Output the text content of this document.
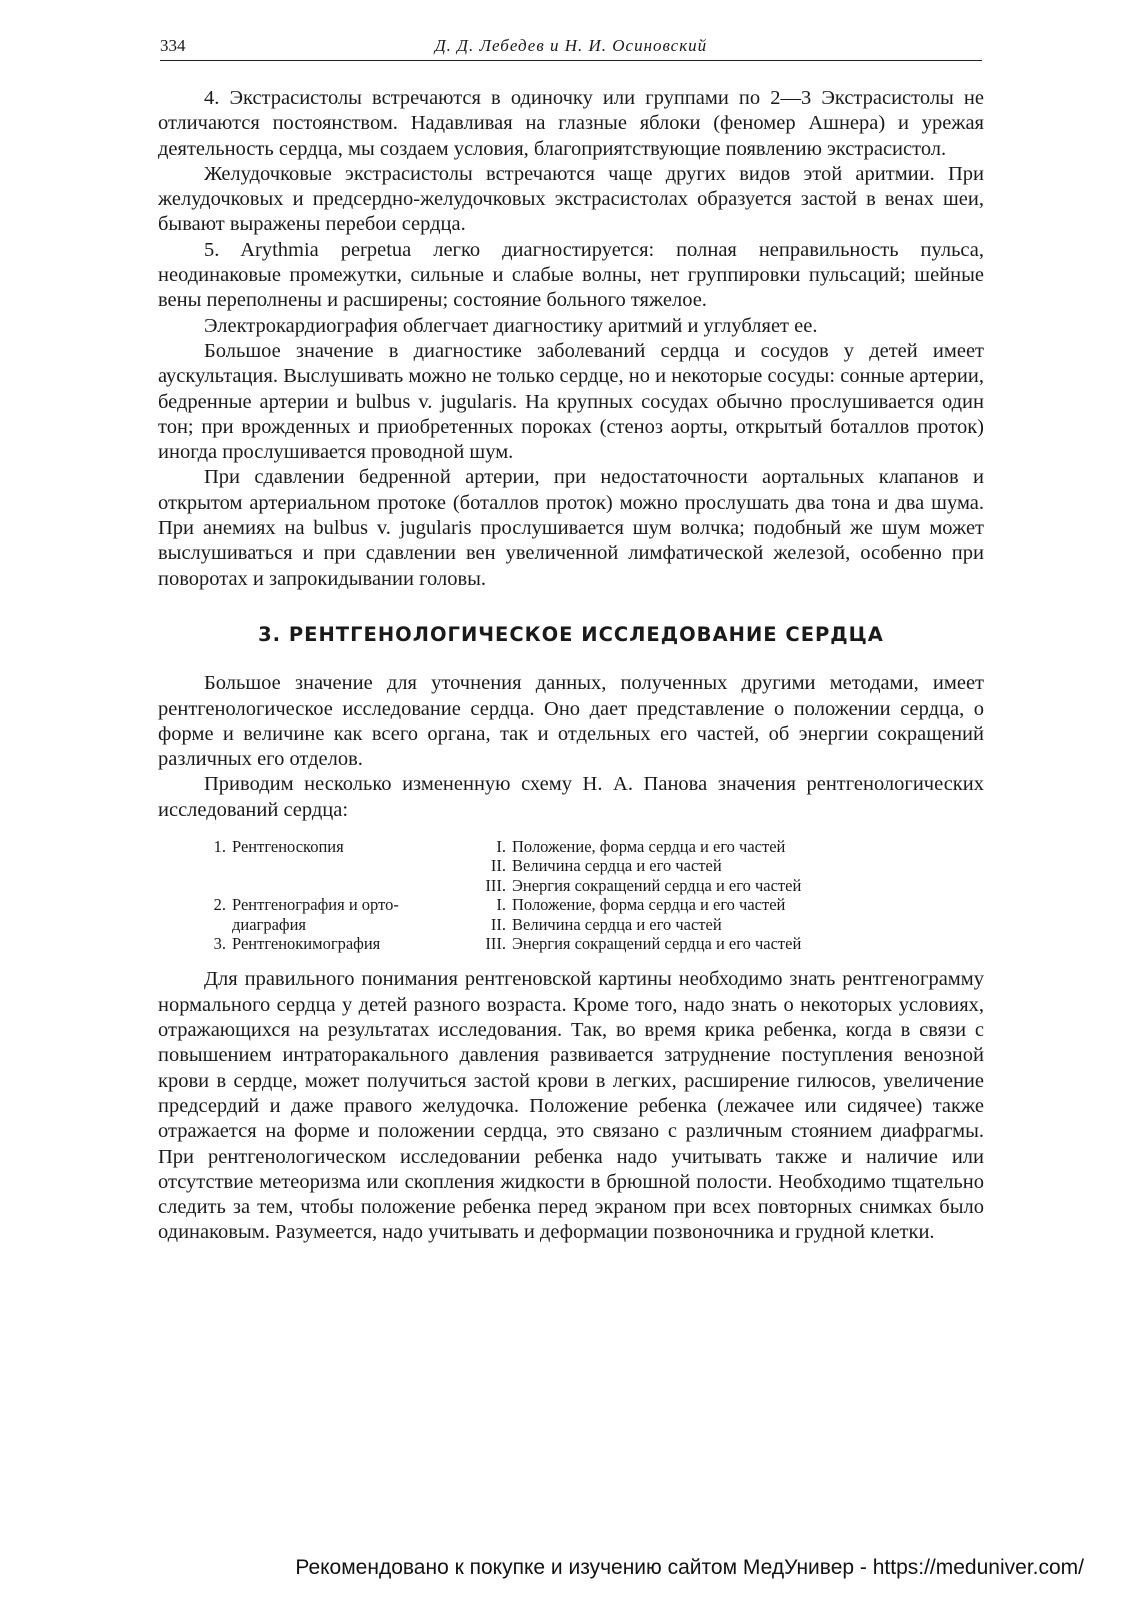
334	Д. Д. Лебедев и Н. И. Осиновский

4. Экстрасистолы встречаются в одиночку или группами по 2—3 Экстрасистолы не отличаются постоянством. Надавливая на глазные яблоки (феномер Ашнера) и урежая деятельность сердца, мы создаем условия, благоприятствующие появлению экстрасистол.

Желудочковые экстрасистолы встречаются чаще других видов этой аритмии. При желудочковых и предсердно-желудочковых экстрасистолах образуется застой в венах шеи, бывают выражены перебои сердца.

5. Arythmia perpetua легко диагностируется: полная неправильность пульса, неодинаковые промежутки, сильные и слабые волны, нет группировки пульсаций; шейные вены переполнены и расширены; состояние больного тяжелое.

Электрокардиография облегчает диагностику аритмий и углубляет ее.

Большое значение в диагностике заболеваний сердца и сосудов у детей имеет аускультация. Выслушивать можно не только сердце, но и некоторые сосуды: сонные артерии, бедренные артерии и bulbus v. jugularis. На крупных сосудах обычно прослушивается один тон; при врожденных и приобретенных пороках (стеноз аорты, открытый боталлов проток) иногда прослушивается проводной шум.

При сдавлении бедренной артерии, при недостаточности аортальных клапанов и открытом артериальном протоке (боталлов проток) можно прослушать два тона и два шума. При анемиях на bulbus v. jugularis прослушивается шум волчка; подобный же шум может выслушиваться и при сдавлении вен увеличенной лимфатической железой, особенно при поворотах и запрокидывании головы.

3. РЕНТГЕНОЛОГИЧЕСКОЕ ИССЛЕДОВАНИЕ СЕРДЦА

Большое значение для уточнения данных, полученных другими методами, имеет рентгенологическое исследование сердца. Оно дает представление о положении сердца, о форме и величине как всего органа, так и отдельных его частей, об энергии сокращений различных его отделов.

Приводим несколько измененную схему Н. А. Панова значения рентгенологических исследований сердца:

1. Рентгеноскопия

2. Рентгенография и орто-
диаграфия
3. Рентгенокимография
I. Положение, форма сердца и его частей
II. Величина сердца и его частей
III. Энергия сокращений сердца и его частей
I. Положение, форма сердца и его частей
II. Величина сердца и его частей
III. Энергия сокращений сердца и его частей

Для правильного понимания рентгеновской картины необходимо знать рентгенограмму нормального сердца у детей разного возраста. Кроме того, надо знать о некоторых условиях, отражающихся на результатах исследования. Так, во время крика ребенка, когда в связи с повышением интраторакального давления развивается затруднение поступления венозной крови в сердце, может получиться застой крови в легких, расширение гилюсов, увеличение предсердий и даже правого желудочка. Положение ребенка (лежачее или сидячее) также отражается на форме и положении сердца, это связано с различным стоянием диафрагмы. При рентгенологическом исследовании ребенка надо учитывать также и наличие или отсутствие метеоризма или скопления жидкости в брюшной полости. Необходимо тщательно следить за тем, чтобы положение ребенка перед экраном при всех повторных снимках было одинаковым. Разумеется, надо учитывать и деформации позвоночника и грудной клетки.

Рекомендовано к покупке и изучению сайтом МедУнивер - https://meduniver.com/
